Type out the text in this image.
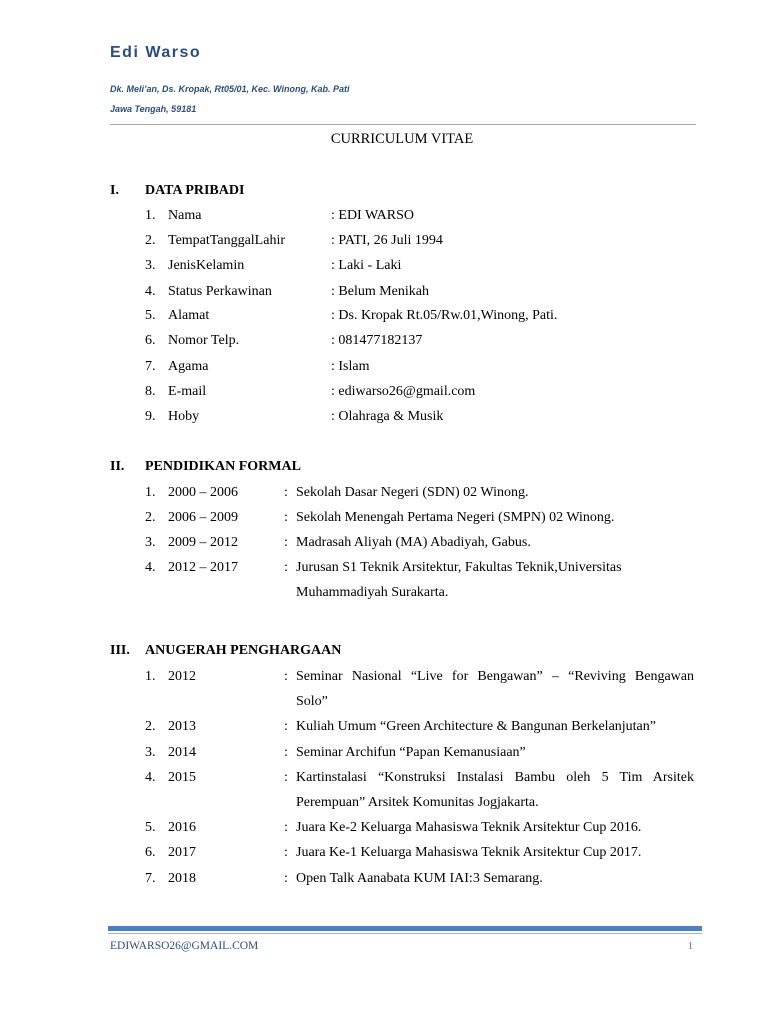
Edi Warso
Dk. Meli’an, Ds. Kropak, Rt05/01, Kec. Winong, Kab. Pati
Jawa Tengah, 59181
CURRICULUM VITAE
I. DATA PRIBADI
1. Nama	: EDI WARSO
2. TempatTanggalLahir	: PATI, 26 Juli 1994
3. JenisKelamin	: Laki - Laki
4. Status Perkawinan	: Belum Menikah
5. Alamat	: Ds. Kropak Rt.05/Rw.01,Winong, Pati.
6. Nomor Telp.	: 081477182137
7. Agama	: Islam
8. E-mail	: ediwarso26@gmail.com
9. Hoby	: Olahraga & Musik
II. PENDIDIKAN FORMAL
1. 2000 – 2006	: Sekolah Dasar Negeri (SDN) 02 Winong.
2. 2006 – 2009	: Sekolah Menengah Pertama Negeri (SMPN) 02 Winong.
3. 2009 – 2012	: Madrasah Aliyah (MA) Abadiyah, Gabus.
4. 2012 – 2017	: Jurusan S1 Teknik Arsitektur, Fakultas Teknik,Universitas
Muhammadiyah Surakarta.
III. ANUGERAH PENGHARGAAN
1. 2012	: Seminar Nasional “Live for Bengawan” – “Reviving Bengawan
Solo”
2. 2013	: Kuliah Umum “Green Architecture & Bangunan Berkelanjutan”
3. 2014	: Seminar Archifun “Papan Kemanusiaan”
4. 2015	: Kartinstalasi “Konstruksi Instalasi Bambu oleh 5 Tim Arsitek
Perempuan” Arsitek Komunitas Jogjakarta.
5. 2016	: Juara Ke-2 Keluarga Mahasiswa Teknik Arsitektur Cup 2016.
6. 2017	: Juara Ke-1 Keluarga Mahasiswa Teknik Arsitektur Cup 2017.
7. 2018	: Open Talk Aanabata KUM IAI:3 Semarang.
EDIWARSO26@GMAIL.COM	1
